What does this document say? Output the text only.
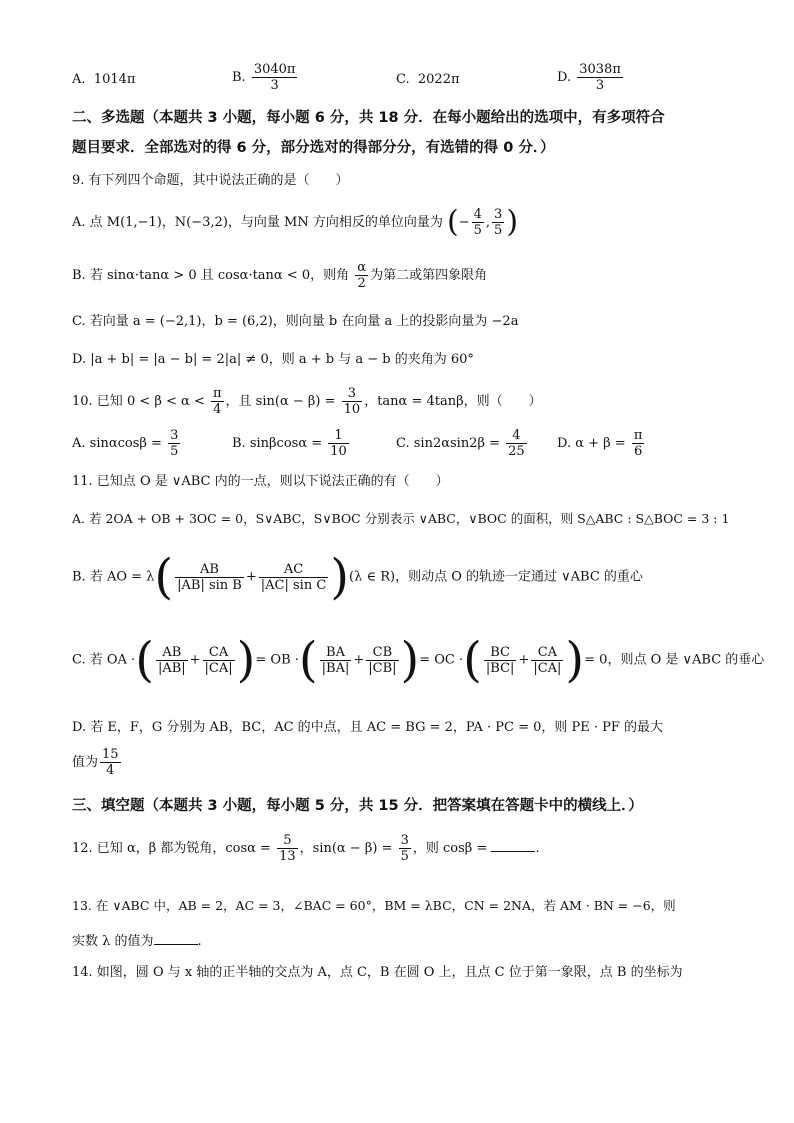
A. 1014π	B. $\frac{3040\pi}{3}$	C. 2022π	D. $\frac{3038\pi}{3}$
二、多选题（本题共 3 小题，每小题 6 分，共 18 分．在每小题给出的选项中，有多项符合
题目要求．全部选对的得 6 分，部分选对的得部分分，有选错的得 0 分．）
9. 有下列四个命题，其中说法正确的是（　　）
A. 点 M(1,−1)，N(−3,2)，与向量 MN 方向相反的单位向量为 (− $\frac{4}{5}$ , $\frac{3}{5}$ )
B. 若 sinα·tanα > 0 且 cosα·tanα < 0，则角 $\frac{\alpha}{2}$ 为第二或第四象限角
C. 若向量 a = (−2,1)，b = (6,2)，则向量 b 在向量 a 上的投影向量为 −2a
D. |a + b| = |a − b| = 2|a| ≠ 0，则 a + b 与 a − b 的夹角为 60°
10. 已知 $0 < \beta < \alpha < \frac{\pi}{4}$ ，且 $\sin(\alpha - \beta) = \frac{3}{10}$ ，tanα = 4tanβ，则（　　）
A. $\sin\alpha\cos\beta = \frac{3}{5}$	B. $\sin\beta\cos\alpha = \frac{1}{10}$	C. $\sin 2\alpha\sin 2\beta = \frac{4}{25} D$. $\alpha + \beta = \frac{\pi}{6}$
11. 已知点 O 是 ∨ABC 内的一点，则以下说法正确的有（　　）
A. 若 2OA + OB + 3OC = 0，S∨ABC，S∨BOC 分别表示 ∨ABC，∨BOC 的面积，则 S△ABC : S△BOC = 3 : 1
B. 若 AO = $\lambda( \frac{AB}{\text{|AB| sin B}} + \frac{AC}{\text{|AC| sin C}} )(\lambda$ ∈ R)，则动点 O 的轨迹一定通过 ∨ABC 的重心
C. 若 OA ·( $\frac{AB}{|AB|} + \frac{CA}{|CA|}$ )= OB ·( $\frac{BA}{|BA|} + \frac{CB}{|CB|}$ )= OC ·( $\frac{BC}{|BC|} + \frac{CA}{|CA|}$ )= 0，则点 O 是 ∨ABC 的垂心
D. 若 E，F，G 分别为 AB，BC，AC 的中点，且 AC = BG = 2，PA · PC = 0，则 PE · PF 的最大
值为 $\frac{15}{4}$
三、填空题（本题共 3 小题，每小题 5 分，共 15 分．把答案填在答题卡中的横线上．）
12. 已知 α，β 都为锐角，$\cos\alpha = \frac{5}{13}$ ，$\sin(\alpha - \beta) = \frac{3}{5}$ ，则 cosβ =	.
13. 在 ∨ABC 中，AB = 2，AC = 3，∠BAC = 60°，BM = λBC，CN = 2NA，若 AM · BN = −6，则
实数 λ 的值为	.
14. 如图，圆 O 与 x 轴的正半轴的交点为 A，点 C，B 在圆 O 上，且点 C 位于第一象限，点 B 的坐标为
